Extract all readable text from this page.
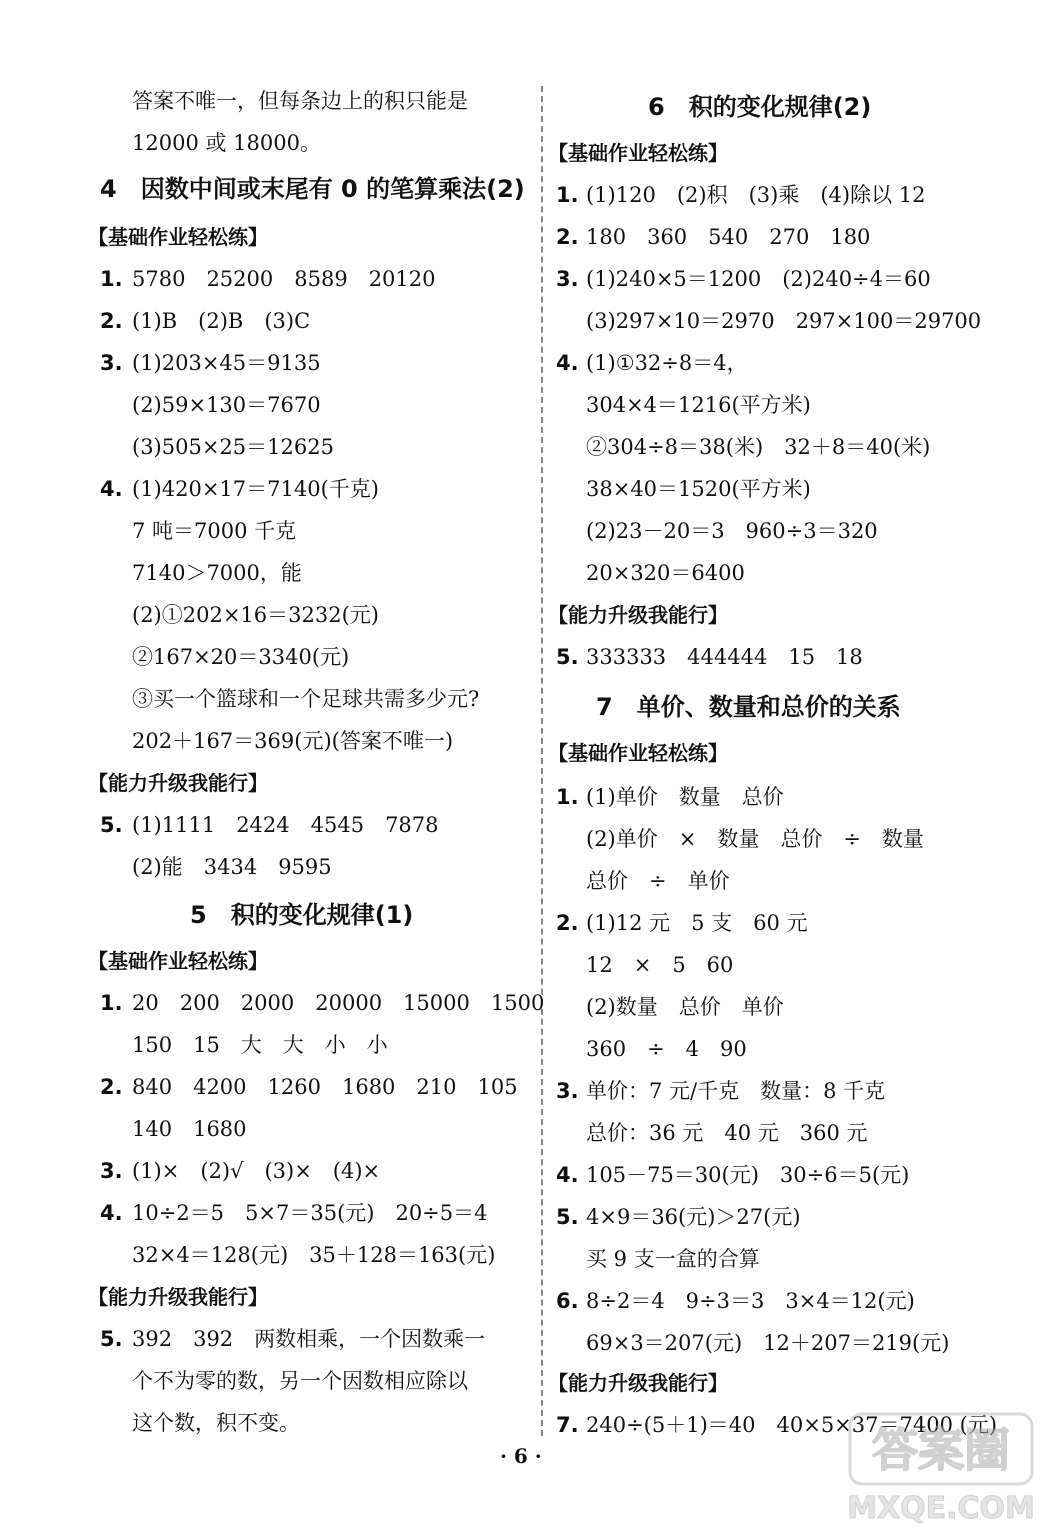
答案不唯一，但每条边上的积只能是
12000 或 18000。
4　因数中间或末尾有 0 的笔算乘法(2)
【基础作业轻松练】
1. 5780　25200　8589　20120
2. (1)B　(2)B　(3)C
3. (1)203×45＝9135
(2)59×130＝7670
(3)505×25＝12625
4. (1)420×17＝7140(千克)
7 吨＝7000 千克
7140＞7000，能
(2)①202×16＝3232(元)
②167×20＝3340(元)
③买一个篮球和一个足球共需多少元?
202＋167＝369(元)(答案不唯一)
【能力升级我能行】
5. (1)1111　2424　4545　7878
(2)能　3434　9595
5　积的变化规律(1)
【基础作业轻松练】
1. 20　200　2000　20000　15000　1500
150　15　大　大　小　小
2. 840　4200　1260　1680　210　105
140　1680
3. (1)×　(2)√　(3)×　(4)×
4. 10÷2＝5　5×7＝35(元)　20÷5＝4
32×4＝128(元)　35＋128＝163(元)
【能力升级我能行】
5. 392　392　两数相乘，一个因数乘一
个不为零的数，另一个因数相应除以
这个数，积不变。
6　积的变化规律(2)
【基础作业轻松练】
1. (1)120　(2)积　(3)乘　(4)除以 12
2. 180　360　540　270　180
3. (1)240×5＝1200　(2)240÷4＝60
(3)297×10＝2970　297×100＝29700
4. (1)①32÷8＝4，
304×4＝1216(平方米)
②304÷8＝38(米)　32＋8＝40(米)
38×40＝1520(平方米)
(2)23－20＝3　960÷3＝320
20×320＝6400
【能力升级我能行】
5. 333333　444444　15　18
7　单价、数量和总价的关系
【基础作业轻松练】
1. (1)单价　数量　总价
(2)单价　×　数量　总价　÷　数量
总价　÷　单价
2. (1)12 元　5 支　60 元
12　×　5　60
(2)数量　总价　单价
360　÷　4　90
3. 单价：7 元/千克　数量：8 千克
总价：36 元　40 元　360 元
4. 105－75＝30(元)　30÷6＝5(元)
5. 4×9＝36(元)＞27(元)
买 9 支一盒的合算
6. 8÷2＝4　9÷3＝3　3×4＝12(元)
69×3＝207(元)　12＋207＝219(元)
【能力升级我能行】
7. 240÷(5＋1)＝40　40×5×37＝7400 (元)
· 6 ·	答案圈
MXQE.COM
